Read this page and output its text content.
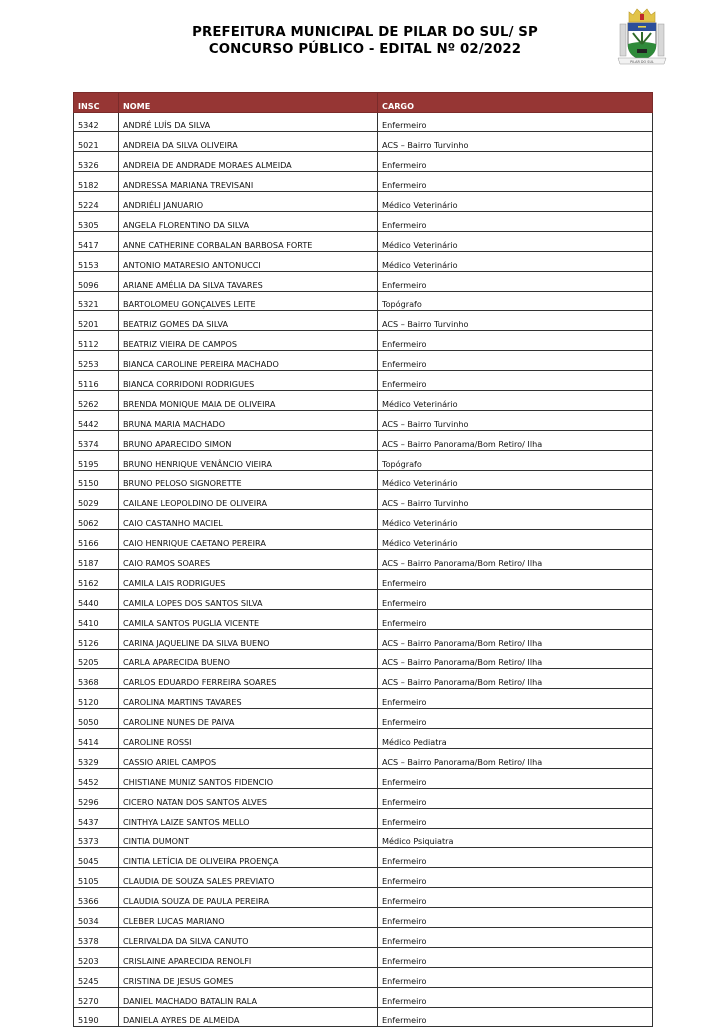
PREFEITURA MUNICIPAL DE PILAR DO SUL/ SP
CONCURSO PÚBLICO - EDITAL Nº 02/2022
PILAR DO SUL
INSC	NOME	CARGO
5342	ANDRÉ LUÍS DA SILVA	Enfermeiro
5021	ANDREIA DA SILVA OLIVEIRA	ACS – Bairro Turvinho
5326	ANDREIA DE ANDRADE MORAES ALMEIDA	Enfermeiro
5182	ANDRESSA MARIANA TREVISANI	Enfermeiro
5224	ANDRIÉLI JANUARIO	Médico Veterinário
5305	ANGELA FLORENTINO DA SILVA	Enfermeiro
5417	ANNE CATHERINE CORBALAN BARBOSA FORTE	Médico Veterinário
5153	ANTONIO MATARESIO ANTONUCCI	Médico Veterinário
5096	ARIANE AMÉLIA DA SILVA TAVARES	Enfermeiro
5321	BARTOLOMEU GONÇALVES LEITE	Topógrafo
5201	BEATRIZ GOMES DA SILVA	ACS – Bairro Turvinho
5112	BEATRIZ VIEIRA DE CAMPOS	Enfermeiro
5253	BIANCA CAROLINE PEREIRA MACHADO	Enfermeiro
5116	BIANCA CORRIDONI RODRIGUES	Enfermeiro
5262	BRENDA MONIQUE MAIA DE OLIVEIRA	Médico Veterinário
5442	BRUNA MARIA MACHADO	ACS – Bairro Turvinho
5374	BRUNO APARECIDO SIMON	ACS – Bairro Panorama/Bom Retiro/ Ilha
5195	BRUNO HENRIQUE VENÂNCIO VIEIRA	Topógrafo
5150	BRUNO PELOSO SIGNORETTE	Médico Veterinário
5029	CAILANE LEOPOLDINO DE OLIVEIRA	ACS – Bairro Turvinho
5062	CAIO CASTANHO MACIEL	Médico Veterinário
5166	CAIO HENRIQUE CAETANO PEREIRA	Médico Veterinário
5187	CAIO RAMOS SOARES	ACS – Bairro Panorama/Bom Retiro/ Ilha
5162	CAMILA LAIS RODRIGUES	Enfermeiro
5440	CAMILA LOPES DOS SANTOS SILVA	Enfermeiro
5410	CAMILA SANTOS PUGLIA VICENTE	Enfermeiro
5126	CARINA JAQUELINE DA SILVA BUENO	ACS – Bairro Panorama/Bom Retiro/ Ilha
5205	CARLA APARECIDA BUENO	ACS – Bairro Panorama/Bom Retiro/ Ilha
5368	CARLOS EDUARDO FERREIRA SOARES	ACS – Bairro Panorama/Bom Retiro/ Ilha
5120	CAROLINA MARTINS TAVARES	Enfermeiro
5050	CAROLINE NUNES DE PAIVA	Enfermeiro
5414	CAROLINE ROSSI	Médico Pediatra
5329	CASSIO ARIEL CAMPOS	ACS – Bairro Panorama/Bom Retiro/ Ilha
5452	CHISTIANE MUNIZ SANTOS FIDENCIO	Enfermeiro
5296	CICERO NATAN DOS SANTOS ALVES	Enfermeiro
5437	CINTHYA LAIZE SANTOS MELLO	Enfermeiro
5373	CINTIA DUMONT	Médico Psiquiatra
5045	CINTIA LETÍCIA DE OLIVEIRA PROENÇA	Enfermeiro
5105	CLAUDIA DE SOUZA SALES PREVIATO	Enfermeiro
5366	CLAUDIA SOUZA DE PAULA PEREIRA	Enfermeiro
5034	CLEBER LUCAS MARIANO	Enfermeiro
5378	CLERIVALDA DA SILVA CANUTO	Enfermeiro
5203	CRISLAINE APARECIDA RENOLFI	Enfermeiro
5245	CRISTINA DE JESUS GOMES	Enfermeiro
5270	DANIEL MACHADO BATALIN RALA	Enfermeiro
5190	DANIELA AYRES DE ALMEIDA	Enfermeiro
